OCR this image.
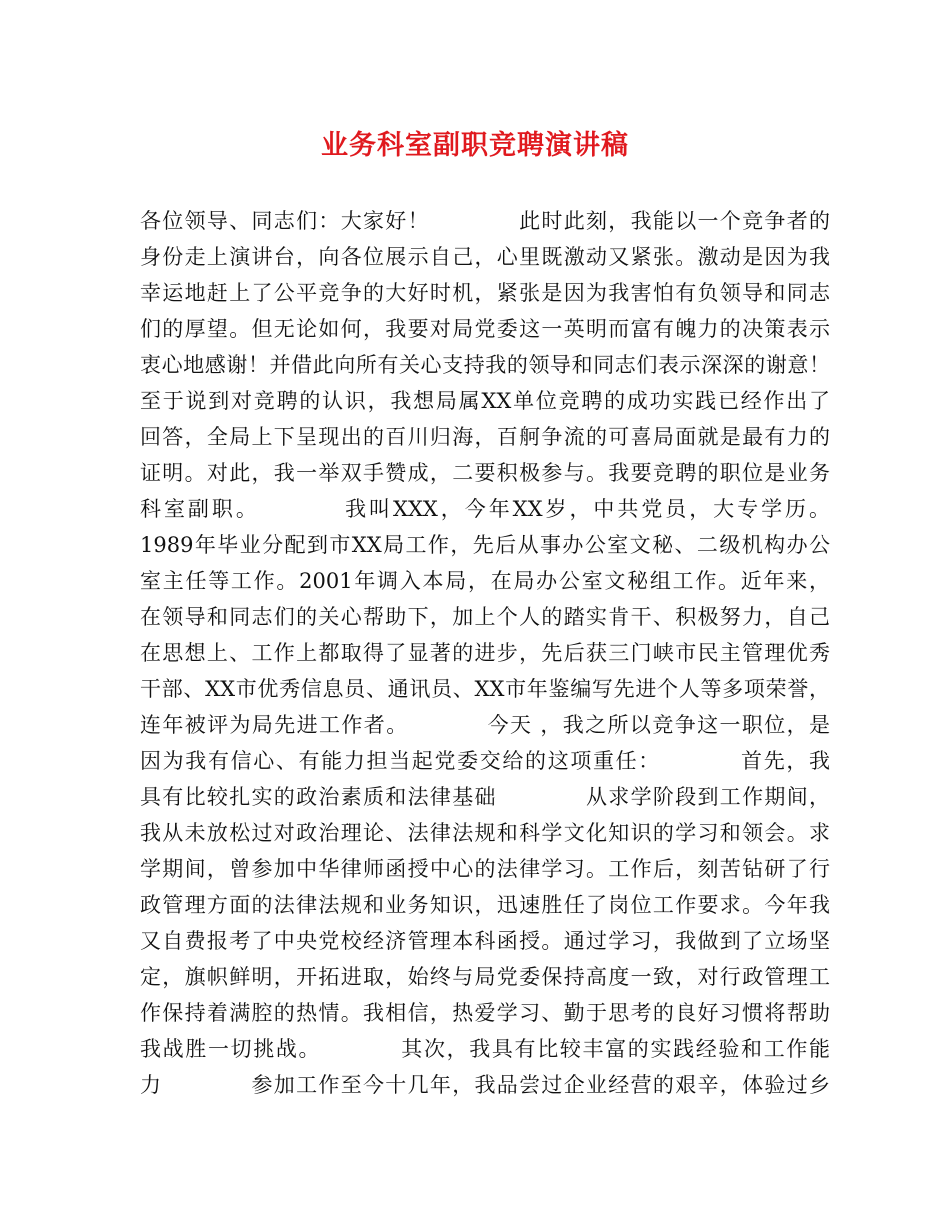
业务科室副职竞聘演讲稿
各位领导、同志们：大家好！　　　　此时此刻，我能以一个竞争者的
身份走上演讲台，向各位展示自己，心里既激动又紧张。激动是因为我
幸运地赶上了公平竞争的大好时机，紧张是因为我害怕有负领导和同志
们的厚望。但无论如何，我要对局党委这一英明而富有魄力的决策表示
衷心地感谢！并借此向所有关心支持我的领导和同志们表示深深的谢意！
至于说到对竞聘的认识，我想局属XX单位竞聘的成功实践已经作出了
回答，全局上下呈现出的百川归海，百舸争流的可喜局面就是最有力的
证明。对此，我一举双手赞成，二要积极参与。我要竞聘的职位是业务
科室副职。　　　　我叫XXX，今年XX岁，中共党员，大专学历。
1989年毕业分配到市XX局工作，先后从事办公室文秘、二级机构办公
室主任等工作。2001年调入本局，在局办公室文秘组工作。近年来，
在领导和同志们的关心帮助下，加上个人的踏实肯干、积极努力，自己
在思想上、工作上都取得了显著的进步，先后获三门峡市民主管理优秀
干部、XX市优秀信息员、通讯员、XX市年鉴编写先进个人等多项荣誉，
连年被评为局先进工作者。　　　　今天 ，我之所以竞争这一职位，是
因为我有信心、有能力担当起党委交给的这项重任：　　　　首先，我
具有比较扎实的政治素质和法律基础　　　　从求学阶段到工作期间，
我从未放松过对政治理论、法律法规和科学文化知识的学习和领会。求
学期间，曾参加中华律师函授中心的法律学习。工作后，刻苦钻研了行
政管理方面的法律法规和业务知识，迅速胜任了岗位工作要求。今年我
又自费报考了中央党校经济管理本科函授。通过学习，我做到了立场坚
定，旗帜鲜明，开拓进取，始终与局党委保持高度一致，对行政管理工
作保持着满腔的热情。我相信，热爱学习、勤于思考的良好习惯将帮助
我战胜一切挑战。　　　　其次，我具有比较丰富的实践经验和工作能
力　　　　参加工作至今十几年，我品尝过企业经营的艰辛，体验过乡
